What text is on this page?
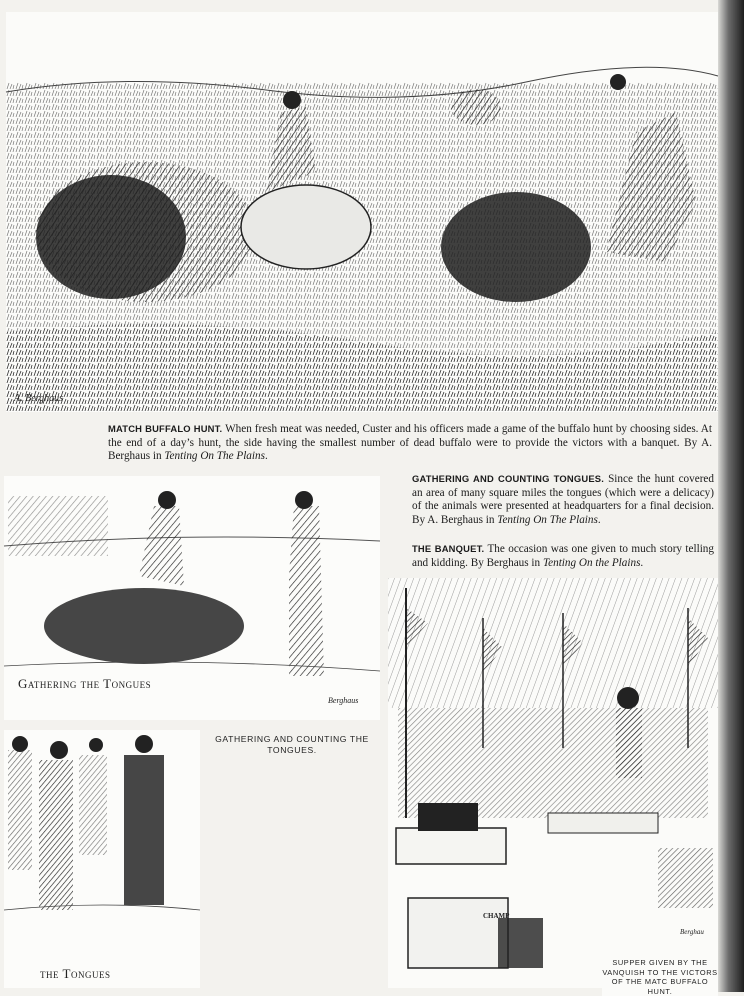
A. Berghaus
MATCH BUFFALO HUNT. When fresh meat was needed, Custer and his officers made a game of the buffalo hunt by choosing sides. At the end of a day’s hunt, the side having the smallest number of dead buffalo were to provide the victors with a banquet. By A. Berghaus in Tenting On The Plains.
Gathering the Tongues
Berghaus
GATHERING AND COUNTING TONGUES. Since the hunt covered an area of many square miles the tongues (which were a delicacy) of the animals were presented at headquarters for a final decision. By A. Berghaus in Tenting On The Plains.
THE BANQUET. The occasion was one given to much story telling and kidding. By Berghaus in Tenting On the Plains.
CHAMP
Berghau
SUPPER GIVEN BY THE VANQUISH TO THE VICTORS OF THE MATC BUFFALO HUNT.
GATHERING AND COUNTING THE TONGUES.
the Tongues
